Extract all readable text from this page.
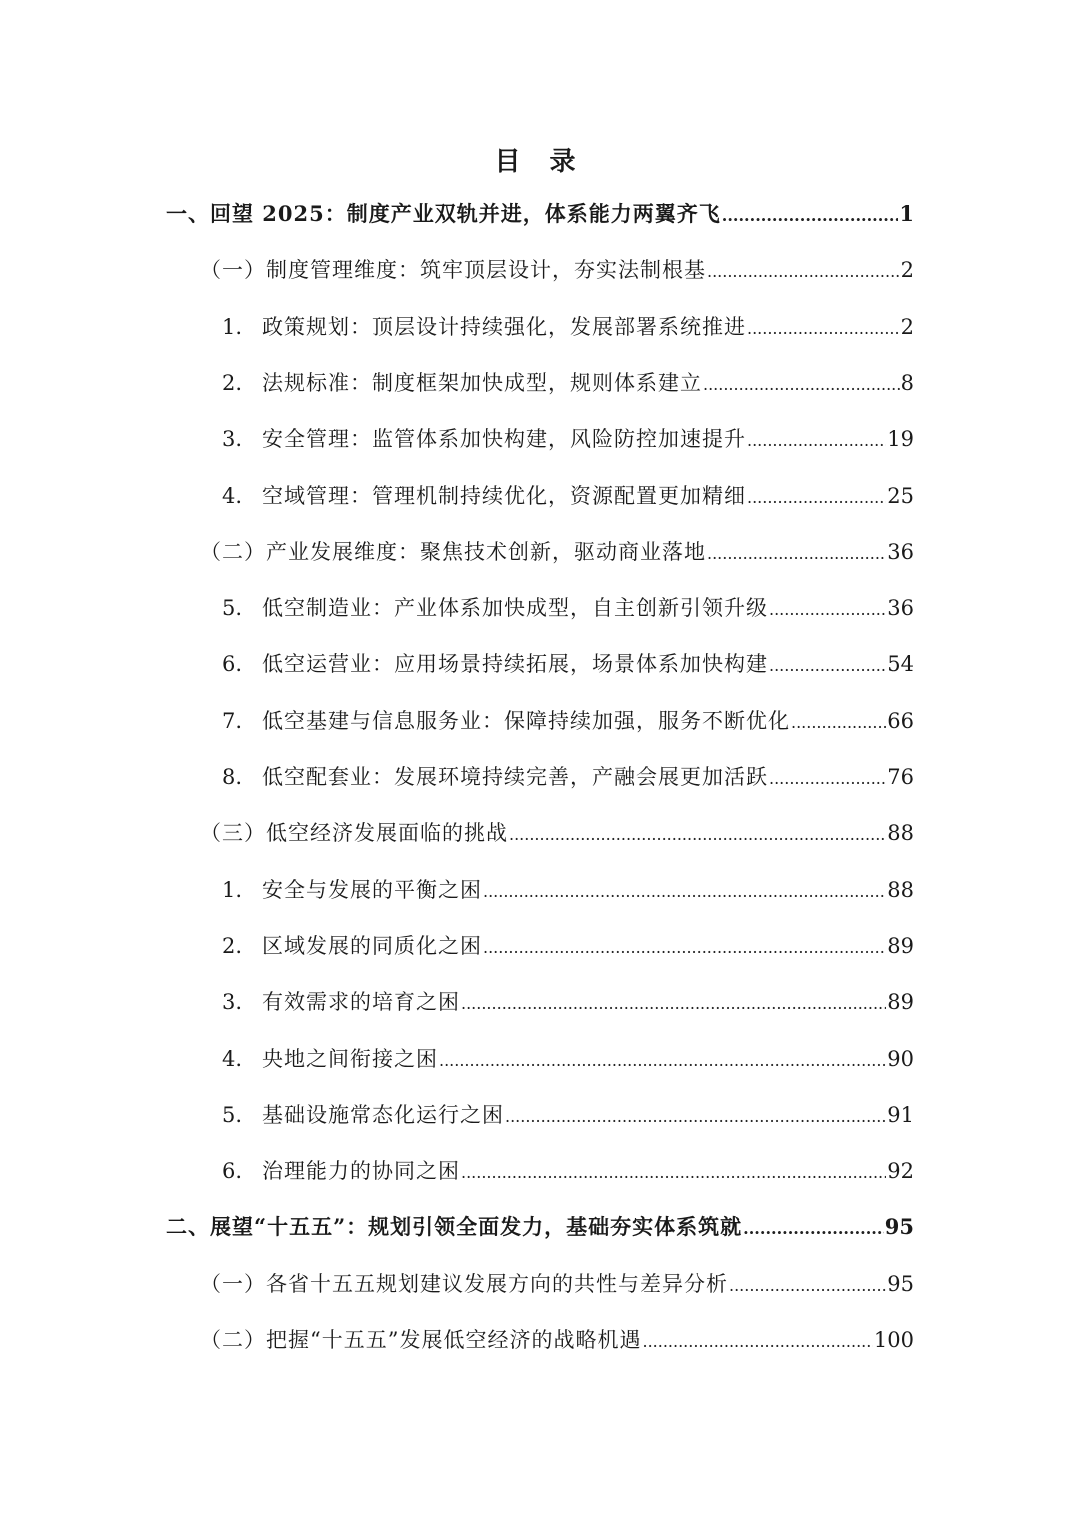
目 录
一、回望 2025：制度产业双轨并进，体系能力两翼齐飞 .....	1
（一）制度管理维度：筑牢顶层设计，夯实法制根基 .....	2
1. 政策规划：顶层设计持续强化，发展部署系统推进 .....	2
2. 法规标准：制度框架加快成型，规则体系建立 .....	8
3. 安全管理：监管体系加快构建，风险防控加速提升 .....	19
4. 空域管理：管理机制持续优化，资源配置更加精细 .....	25
（二）产业发展维度：聚焦技术创新，驱动商业落地 .....	36
5. 低空制造业：产业体系加快成型，自主创新引领升级 .....	36
6. 低空运营业：应用场景持续拓展，场景体系加快构建 .....	54
7. 低空基建与信息服务业：保障持续加强，服务不断优化 .....	66
8. 低空配套业：发展环境持续完善，产融会展更加活跃 .....	76
（三）低空经济发展面临的挑战 .....	88
1. 安全与发展的平衡之困 .....	88
2. 区域发展的同质化之困 .....	89
3. 有效需求的培育之困 .....	89
4. 央地之间衔接之困 .....	90
5. 基础设施常态化运行之困 .....	91
6. 治理能力的协同之困 .....	92
二、展望“十五五”：规划引领全面发力，基础夯实体系筑就 .....	95
（一）各省十五五规划建议发展方向的共性与差异分析 .....	95
（二）把握“十五五”发展低空经济的战略机遇 .....	100
